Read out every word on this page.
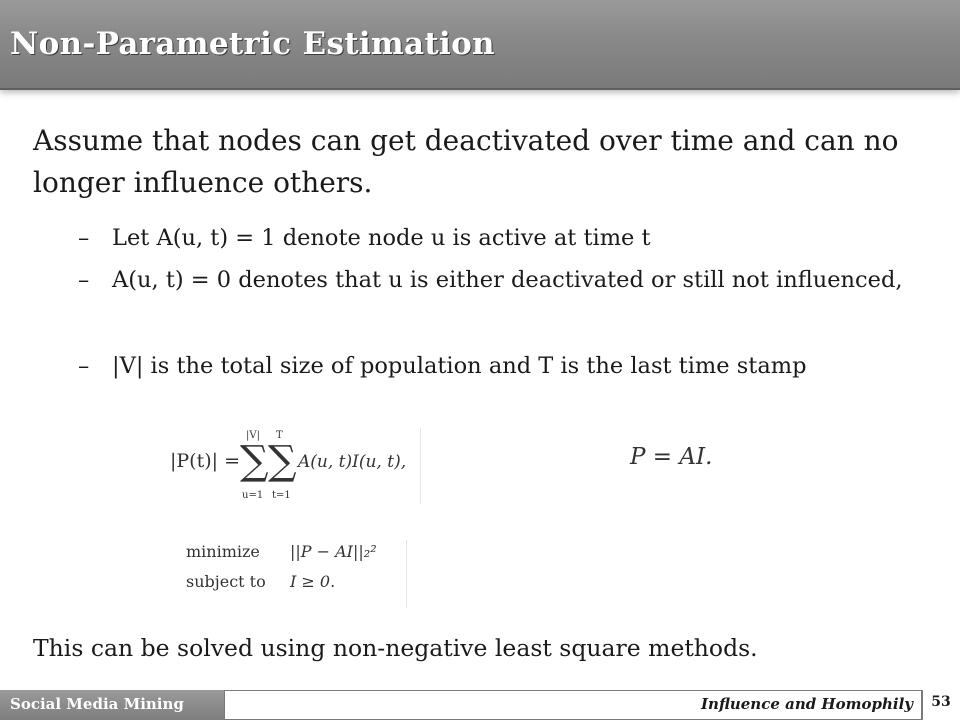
Non-Parametric Estimation
Assume that nodes can get deactivated over time and can no longer influence others.
–	Let A(u, t) = 1 denote node u is active at time t
–	A(u, t) = 0 denotes that u is either deactivated or still not influenced,
–	|V| is the total size of population and T is the last time stamp
|P(t)| =
|V|
∑
u=1
T
∑
t=1
A(u, t)I(u, t),	P = AI.
minimize ||P − AI||₂²
subject to I ≥ 0.
This can be solved using non-negative least square methods.
Social Media Mining	Influence and Homophily	53
